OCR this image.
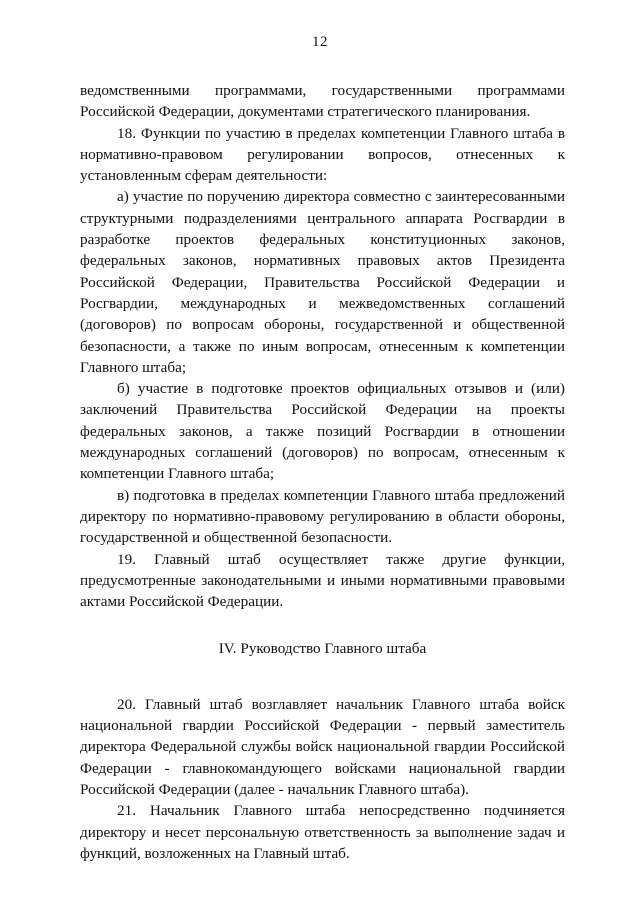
12

ведомственными программами, государственными программами Российской Федерации, документами стратегического планирования.

18. Функции по участию в пределах компетенции Главного штаба в нормативно-правовом регулировании вопросов, отнесенных к установленным сферам деятельности:

а) участие по поручению директора совместно с заинтересованными структурными подразделениями центрального аппарата Росгвардии в разработке проектов федеральных конституционных законов, федеральных законов, нормативных правовых актов Президента Российской Федерации, Правительства Российской Федерации и Росгвардии, международных и межведомственных соглашений (договоров) по вопросам обороны, государственной и общественной безопасности, а также по иным вопросам, отнесенным к компетенции Главного штаба;

б) участие в подготовке проектов официальных отзывов и (или) заключений Правительства Российской Федерации на проекты федеральных законов, а также позиций Росгвардии в отношении международных соглашений (договоров) по вопросам, отнесенным к компетенции Главного штаба;

в) подготовка в пределах компетенции Главного штаба предложений директору по нормативно-правовому регулированию в области обороны, государственной и общественной безопасности.

19. Главный штаб осуществляет также другие функции, предусмотренные законодательными и иными нормативными правовыми актами Российской Федерации.

IV. Руководство Главного штаба

20. Главный штаб возглавляет начальник Главного штаба войск национальной гвардии Российской Федерации - первый заместитель директора Федеральной службы войск национальной гвардии Российской Федерации - главнокомандующего войсками национальной гвардии Российской Федерации (далее - начальник Главного штаба).

21. Начальник Главного штаба непосредственно подчиняется директору и несет персональную ответственность за выполнение задач и функций, возложенных на Главный штаб.
